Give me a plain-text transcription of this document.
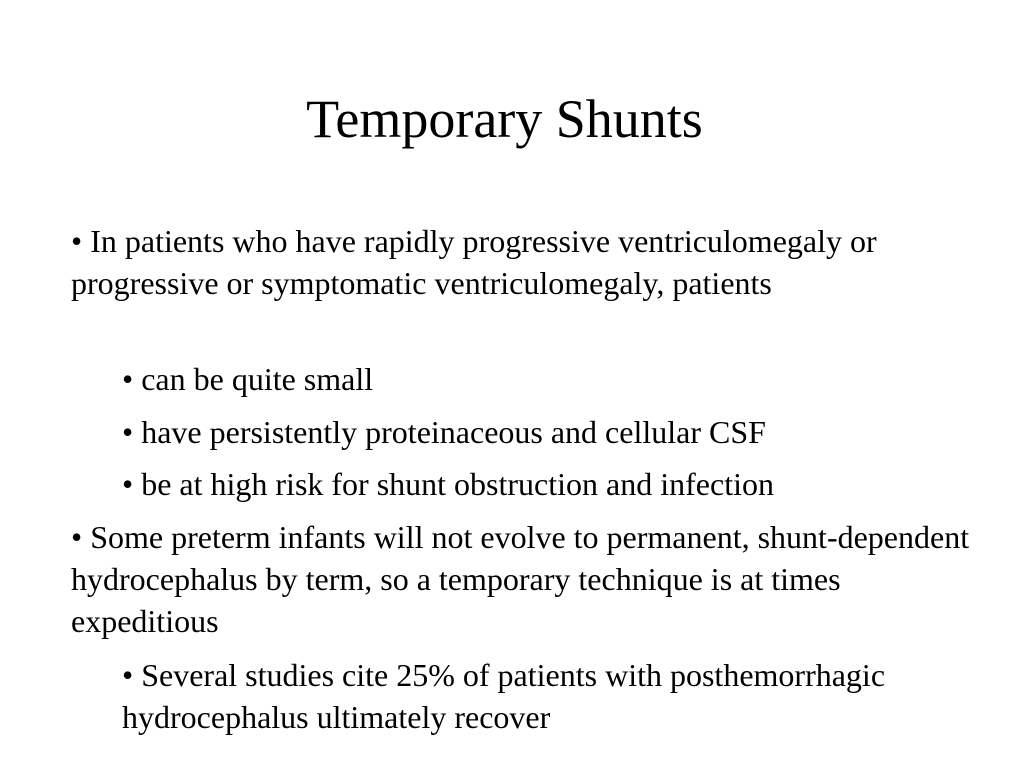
Temporary Shunts

• In patients who have rapidly progressive ventriculomegaly or progressive or symptomatic ventriculomegaly, patients

• can be quite small

• have persistently proteinaceous and cellular CSF

• be at high risk for shunt obstruction and infection

• Some preterm infants will not evolve to permanent, shunt-dependent hydrocephalus by term, so a temporary technique is at times expeditious

• Several studies cite 25% of patients with posthemorrhagic hydrocephalus ultimately recover
